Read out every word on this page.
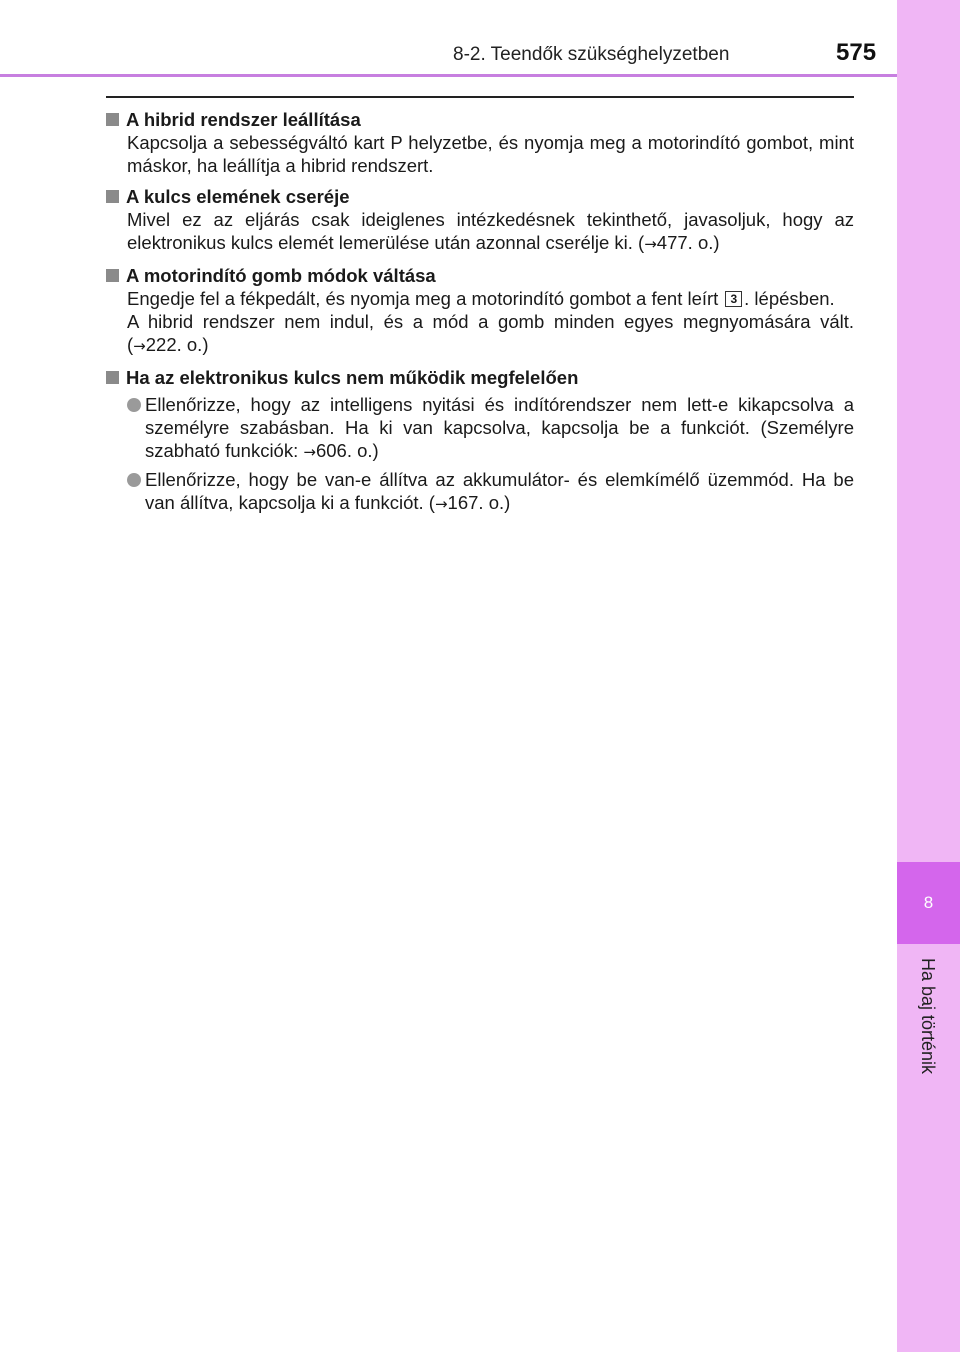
8
Ha baj történik
8-2. Teendők szükséghelyzetben	575
A hibrid rendszer leállítása
Kapcsolja a sebességváltó kart P helyzetbe, és nyomja meg a motorindító gombot, mint máskor, ha leállítja a hibrid rendszert.
A kulcs elemének cseréje
Mivel ez az eljárás csak ideiglenes intézkedésnek tekinthető, javasoljuk, hogy az elektronikus kulcs elemét lemerülése után azonnal cserélje ki. (→477. o.)
A motorindító gomb módok váltása
Engedje fel a fékpedált, és nyomja meg a motorindító gombot a fent leírt 3 . lépésben.
A hibrid rendszer nem indul, és a mód a gomb minden egyes megnyomására vált. (→222. o.)
Ha az elektronikus kulcs nem működik megfelelően
Ellenőrizze, hogy az intelligens nyitási és indítórendszer nem lett-e kikapcsolva a személyre szabásban. Ha ki van kapcsolva, kapcsolja be a funkciót. (Személyre szabható funkciók: →606. o.)
Ellenőrizze, hogy be van-e állítva az akkumulátor- és elemkímélő üzemmód. Ha be van állítva, kapcsolja ki a funkciót. (→167. o.)
